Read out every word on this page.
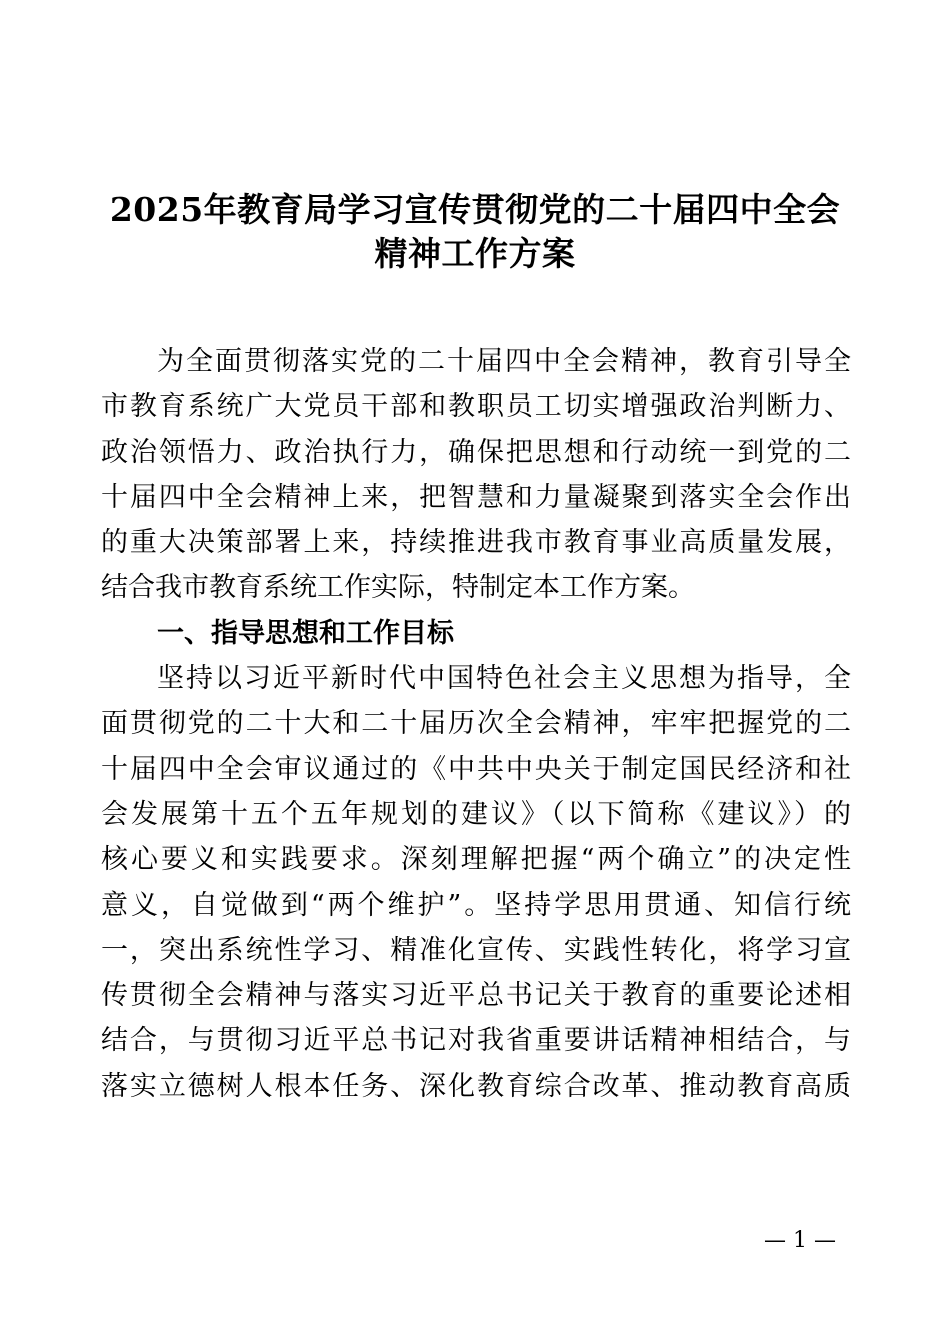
2025年教育局学习宣传贯彻党的二十届四中全会
精神工作方案
为全面贯彻落实党的二十届四中全会精神，教育引导全
市教育系统广大党员干部和教职员工切实增强政治判断力、
政治领悟力、政治执行力，确保把思想和行动统一到党的二
十届四中全会精神上来，把智慧和力量凝聚到落实全会作出
的重大决策部署上来，持续推进我市教育事业高质量发展，
结合我市教育系统工作实际，特制定本工作方案。
一、指导思想和工作目标
坚持以习近平新时代中国特色社会主义思想为指导，全
面贯彻党的二十大和二十届历次全会精神，牢牢把握党的二
十届四中全会审议通过的《中共中央关于制定国民经济和社
会发展第十五个五年规划的建议》（以下简称《建议》）的
核心要义和实践要求。深刻理解把握“两个确立”的决定性
意义，自觉做到“两个维护”。坚持学思用贯通、知信行统
一，突出系统性学习、精准化宣传、实践性转化，将学习宣
传贯彻全会精神与落实习近平总书记关于教育的重要论述相
结合，与贯彻习近平总书记对我省重要讲话精神相结合，与
落实立德树人根本任务、深化教育综合改革、推动教育高质
— 1 —
